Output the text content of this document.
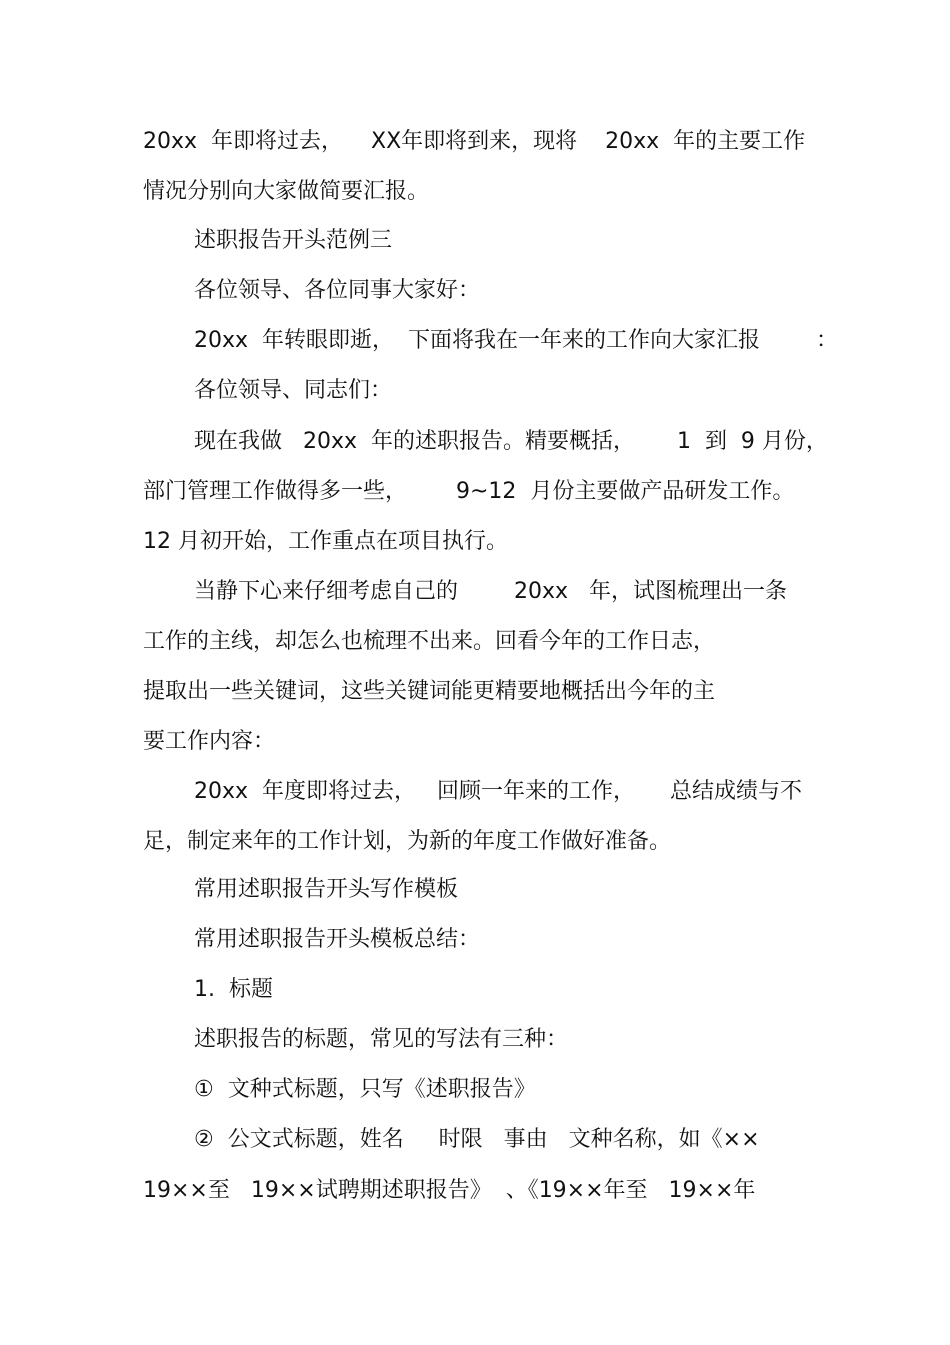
20xx  年即将过去，    XX年即将到来，现将    20xx  年的主要工作
情况分别向大家做简要汇报。
述职报告开头范例三
各位领导、各位同事大家好：
20xx  年转眼即逝，  下面将我在一年来的工作向大家汇报        ：
各位领导、同志们：
现在我做   20xx  年的述职报告。精要概括，      1  到  9 月份，
部门管理工作做得多一些，       9~12  月份主要做产品研发工作。
12 月初开始，工作重点在项目执行。
当静下心来仔细考虑自己的        20xx   年，试图梳理出一条
工作的主线，却怎么也梳理不出来。回看今年的工作日志，
提取出一些关键词，这些关键词能更精要地概括出今年的主
要工作内容：
20xx  年度即将过去，   回顾一年来的工作，     总结成绩与不
足，制定来年的工作计划，为新的年度工作做好准备。
常用述职报告开头写作模板
常用述职报告开头模板总结：
1.  标题
述职报告的标题，常见的写法有三种：
①  文种式标题，只写《述职报告》
②  公文式标题，姓名     时限   事由   文种名称，如《××
19××至   19××试聘期述职报告》  、《19××年至   19××年
